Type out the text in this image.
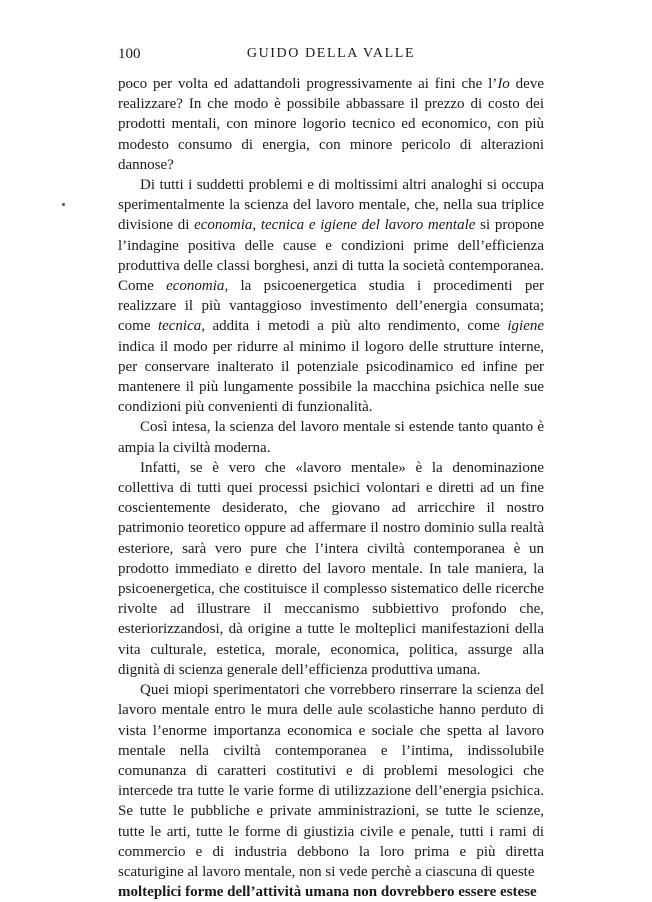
100	GUIDO DELLA VALLE

poco per volta ed adattandoli progressivamente ai fini che l’Io deve realizzare? In che modo è possibile abbassare il prezzo di costo dei prodotti mentali, con minore logorio tecnico ed economico, con più modesto consumo di energia, con minore pericolo di alterazioni dannose?

Di tutti i suddetti problemi e di moltissimi altri analoghi si occupa sperimentalmente la scienza del lavoro mentale, che, nella sua triplice divisione di economia, tecnica e igiene del lavoro mentale si propone l’indagine positiva delle cause e condizioni prime dell’efficienza produttiva delle classi borghesi, anzi di tutta la società contemporanea. Come economia, la psicoenergetica studia i procedimenti per realizzare il più vantaggioso investimento dell’energia consumata; come tecnica, addita i metodi a più alto rendimento, come igiene indica il modo per ridurre al minimo il logoro delle strutture interne, per conservare inalterato il potenziale psicodinamico ed infine per mantenere il più lungamente possibile la macchina psichica nelle sue condizioni più convenienti di funzionalità.

Così intesa, la scienza del lavoro mentale si estende tanto quanto è ampia la civiltà moderna.

Infatti, se è vero che «lavoro mentale» è la denominazione collettiva di tutti quei processi psichici volontari e diretti ad un fine coscientemente desiderato, che giovano ad arricchire il nostro patrimonio teoretico oppure ad affermare il nostro dominio sulla realtà esteriore, sarà vero pure che l’intera civiltà contemporanea è un prodotto immediato e diretto del lavoro mentale. In tale maniera, la psicoenergetica, che costituisce il complesso sistematico delle ricerche rivolte ad illustrare il meccanismo subbiettivo profondo che, esteriorizzandosi, dà origine a tutte le molteplici manifestazioni della vita culturale, estetica, morale, economica, politica, assurge alla dignità di scienza generale dell’efficienza produttiva umana.

Quei miopi sperimentatori che vorrebbero rinserrare la scienza del lavoro mentale entro le mura delle aule scolastiche hanno perduto di vista l’enorme importanza economica e sociale che spetta al lavoro mentale nella civiltà contemporanea e l’intima, indissolubile comunanza di caratteri costitutivi e di problemi mesologici che intercede tra tutte le varie forme di utilizzazione dell’energia psichica. Se tutte le pubbliche e private amministrazioni, se tutte le scienze, tutte le arti, tutte le forme di giustizia civile e penale, tutti i rami di commercio e di industria debbono la loro prima e più diretta scaturigine al lavoro mentale, non si vede perchè a ciascuna di queste

molteplici forme dell’attività umana non dovrebbero essere estese
